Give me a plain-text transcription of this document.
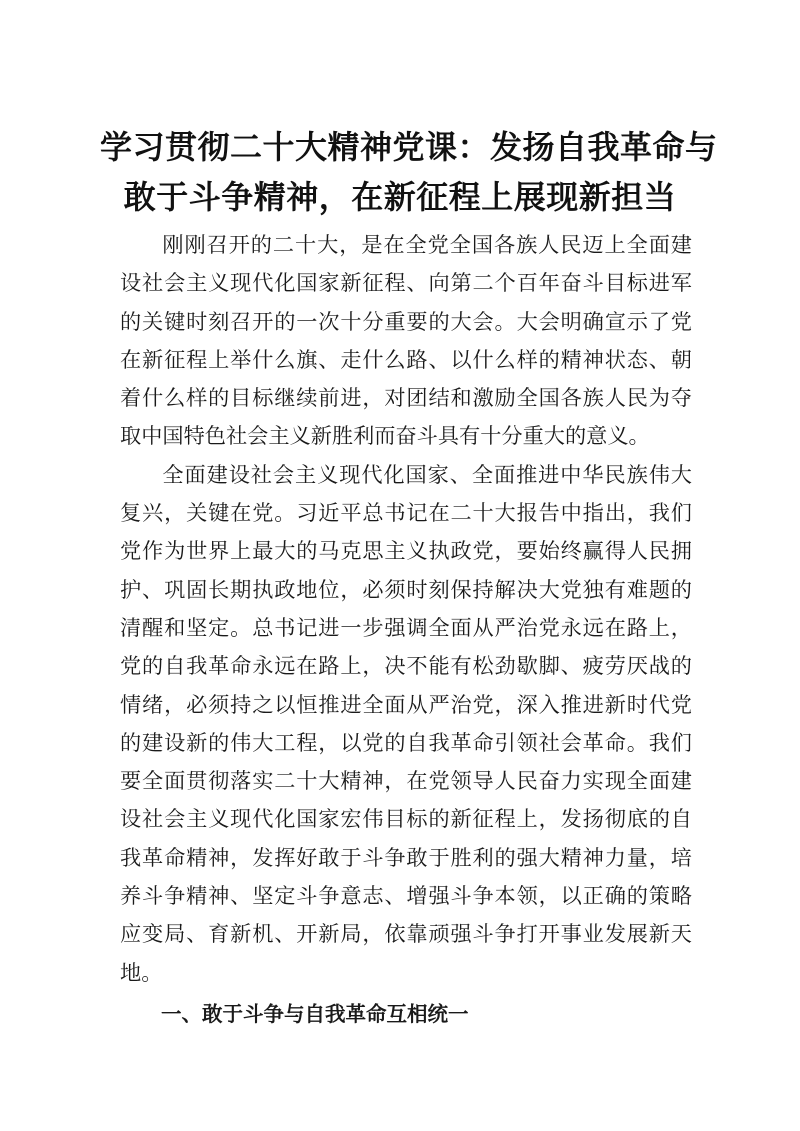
学习贯彻二十大精神党课：发扬自我革命与
敢于斗争精神，在新征程上展现新担当

刚刚召开的二十大，是在全党全国各族人民迈上全面建设社会主义现代化国家新征程、向第二个百年奋斗目标进军的关键时刻召开的一次十分重要的大会。大会明确宣示了党在新征程上举什么旗、走什么路、以什么样的精神状态、朝着什么样的目标继续前进，对团结和激励全国各族人民为夺取中国特色社会主义新胜利而奋斗具有十分重大的意义。

全面建设社会主义现代化国家、全面推进中华民族伟大复兴，关键在党。习近平总书记在二十大报告中指出，我们党作为世界上最大的马克思主义执政党，要始终赢得人民拥护、巩固长期执政地位，必须时刻保持解决大党独有难题的清醒和坚定。总书记进一步强调全面从严治党永远在路上，党的自我革命永远在路上，决不能有松劲歇脚、疲劳厌战的情绪，必须持之以恒推进全面从严治党，深入推进新时代党的建设新的伟大工程，以党的自我革命引领社会革命。我们要全面贯彻落实二十大精神，在党领导人民奋力实现全面建设社会主义现代化国家宏伟目标的新征程上，发扬彻底的自我革命精神，发挥好敢于斗争敢于胜利的强大精神力量，培养斗争精神、坚定斗争意志、增强斗争本领，以正确的策略应变局、育新机、开新局，依靠顽强斗争打开事业发展新天地。

一、敢于斗争与自我革命互相统一
